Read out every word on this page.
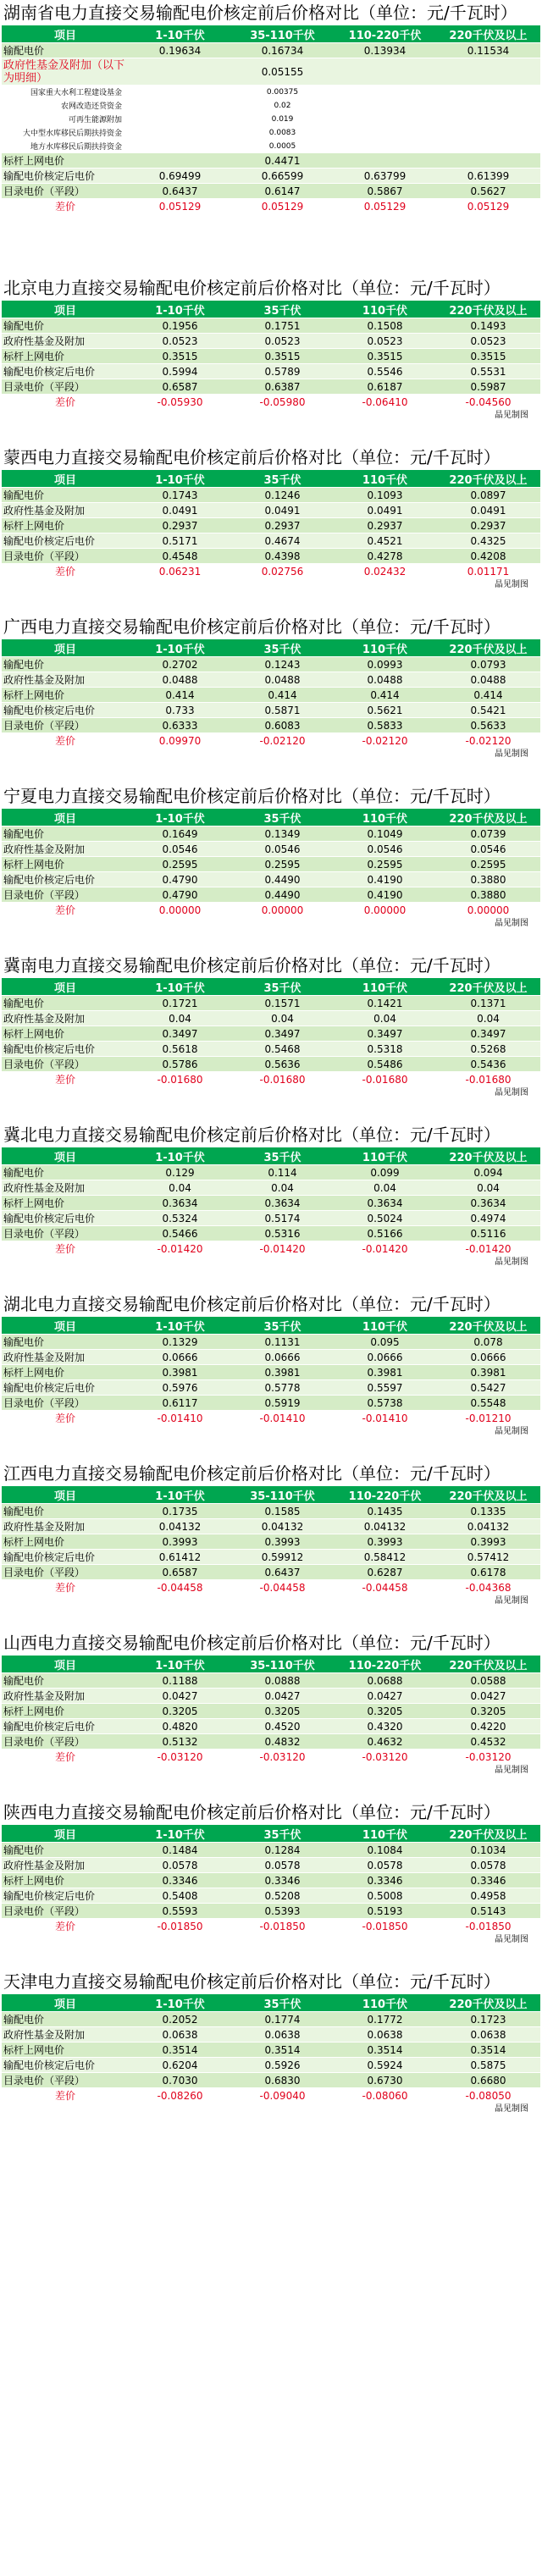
湖南省电力直接交易输配电价核定前后价格对比（单位：元/千瓦时）
项目	1-10千伏	35-110千伏	110-220千伏	220千伏及以上
输配电价	0.19634	0.16734	0.13934	0.11534
政府性基金及附加（以下为明细）		0.05155		
国家重大水利工程建设基金		0.00375		
农网改造还贷资金		0.02		
可再生能源附加		0.019		
大中型水库移民后期扶持资金		0.0083		
地方水库移民后期扶持资金		0.0005		
标杆上网电价		0.4471		
输配电价核定后电价	0.69499	0.66599	0.63799	0.61399
目录电价（平段）	0.6437	0.6147	0.5867	0.5627
差价	0.05129	0.05129	0.05129	0.05129
北京电力直接交易输配电价核定前后价格对比（单位：元/千瓦时）
项目	1-10千伏	35千伏	110千伏	220千伏及以上
输配电价	0.1956	0.1751	0.1508	0.1493
政府性基金及附加	0.0523	0.0523	0.0523	0.0523
标杆上网电价	0.3515	0.3515	0.3515	0.3515
输配电价核定后电价	0.5994	0.5789	0.5546	0.5531
目录电价（平段）	0.6587	0.6387	0.6187	0.5987
差价	-0.05930	-0.05980	-0.06410	-0.04560
晶见制图
蒙西电力直接交易输配电价核定前后价格对比（单位：元/千瓦时）
项目	1-10千伏	35千伏	110千伏	220千伏及以上
输配电价	0.1743	0.1246	0.1093	0.0897
政府性基金及附加	0.0491	0.0491	0.0491	0.0491
标杆上网电价	0.2937	0.2937	0.2937	0.2937
输配电价核定后电价	0.5171	0.4674	0.4521	0.4325
目录电价（平段）	0.4548	0.4398	0.4278	0.4208
差价	0.06231	0.02756	0.02432	0.01171
晶见制图
广西电力直接交易输配电价核定前后价格对比（单位：元/千瓦时）
项目	1-10千伏	35千伏	110千伏	220千伏及以上
输配电价	0.2702	0.1243	0.0993	0.0793
政府性基金及附加	0.0488	0.0488	0.0488	0.0488
标杆上网电价	0.414	0.414	0.414	0.414
输配电价核定后电价	0.733	0.5871	0.5621	0.5421
目录电价（平段）	0.6333	0.6083	0.5833	0.5633
差价	0.09970	-0.02120	-0.02120	-0.02120
晶见制图
宁夏电力直接交易输配电价核定前后价格对比（单位：元/千瓦时）
项目	1-10千伏	35千伏	110千伏	220千伏及以上
输配电价	0.1649	0.1349	0.1049	0.0739
政府性基金及附加	0.0546	0.0546	0.0546	0.0546
标杆上网电价	0.2595	0.2595	0.2595	0.2595
输配电价核定后电价	0.4790	0.4490	0.4190	0.3880
目录电价（平段）	0.4790	0.4490	0.4190	0.3880
差价	0.00000	0.00000	0.00000	0.00000
晶见制图
冀南电力直接交易输配电价核定前后价格对比（单位：元/千瓦时）
项目	1-10千伏	35千伏	110千伏	220千伏及以上
输配电价	0.1721	0.1571	0.1421	0.1371
政府性基金及附加	0.04	0.04	0.04	0.04
标杆上网电价	0.3497	0.3497	0.3497	0.3497
输配电价核定后电价	0.5618	0.5468	0.5318	0.5268
目录电价（平段）	0.5786	0.5636	0.5486	0.5436
差价	-0.01680	-0.01680	-0.01680	-0.01680
晶见制图
冀北电力直接交易输配电价核定前后价格对比（单位：元/千瓦时）
项目	1-10千伏	35千伏	110千伏	220千伏及以上
输配电价	0.129	0.114	0.099	0.094
政府性基金及附加	0.04	0.04	0.04	0.04
标杆上网电价	0.3634	0.3634	0.3634	0.3634
输配电价核定后电价	0.5324	0.5174	0.5024	0.4974
目录电价（平段）	0.5466	0.5316	0.5166	0.5116
差价	-0.01420	-0.01420	-0.01420	-0.01420
晶见制图
湖北电力直接交易输配电价核定前后价格对比（单位：元/千瓦时）
项目	1-10千伏	35千伏	110千伏	220千伏及以上
输配电价	0.1329	0.1131	0.095	0.078
政府性基金及附加	0.0666	0.0666	0.0666	0.0666
标杆上网电价	0.3981	0.3981	0.3981	0.3981
输配电价核定后电价	0.5976	0.5778	0.5597	0.5427
目录电价（平段）	0.6117	0.5919	0.5738	0.5548
差价	-0.01410	-0.01410	-0.01410	-0.01210
晶见制图
江西电力直接交易输配电价核定前后价格对比（单位：元/千瓦时）
项目	1-10千伏	35-110千伏	110-220千伏	220千伏及以上
输配电价	0.1735	0.1585	0.1435	0.1335
政府性基金及附加	0.04132	0.04132	0.04132	0.04132
标杆上网电价	0.3993	0.3993	0.3993	0.3993
输配电价核定后电价	0.61412	0.59912	0.58412	0.57412
目录电价（平段）	0.6587	0.6437	0.6287	0.6178
差价	-0.04458	-0.04458	-0.04458	-0.04368
晶见制图
山西电力直接交易输配电价核定前后价格对比（单位：元/千瓦时）
项目	1-10千伏	35-110千伏	110-220千伏	220千伏及以上
输配电价	0.1188	0.0888	0.0688	0.0588
政府性基金及附加	0.0427	0.0427	0.0427	0.0427
标杆上网电价	0.3205	0.3205	0.3205	0.3205
输配电价核定后电价	0.4820	0.4520	0.4320	0.4220
目录电价（平段）	0.5132	0.4832	0.4632	0.4532
差价	-0.03120	-0.03120	-0.03120	-0.03120
晶见制图
陕西电力直接交易输配电价核定前后价格对比（单位：元/千瓦时）
项目	1-10千伏	35千伏	110千伏	220千伏及以上
输配电价	0.1484	0.1284	0.1084	0.1034
政府性基金及附加	0.0578	0.0578	0.0578	0.0578
标杆上网电价	0.3346	0.3346	0.3346	0.3346
输配电价核定后电价	0.5408	0.5208	0.5008	0.4958
目录电价（平段）	0.5593	0.5393	0.5193	0.5143
差价	-0.01850	-0.01850	-0.01850	-0.01850
晶见制图
天津电力直接交易输配电价核定前后价格对比（单位：元/千瓦时）
项目	1-10千伏	35千伏	110千伏	220千伏及以上
输配电价	0.2052	0.1774	0.1772	0.1723
政府性基金及附加	0.0638	0.0638	0.0638	0.0638
标杆上网电价	0.3514	0.3514	0.3514	0.3514
输配电价核定后电价	0.6204	0.5926	0.5924	0.5875
目录电价（平段）	0.7030	0.6830	0.6730	0.6680
差价	-0.08260	-0.09040	-0.08060	-0.08050
晶见制图
